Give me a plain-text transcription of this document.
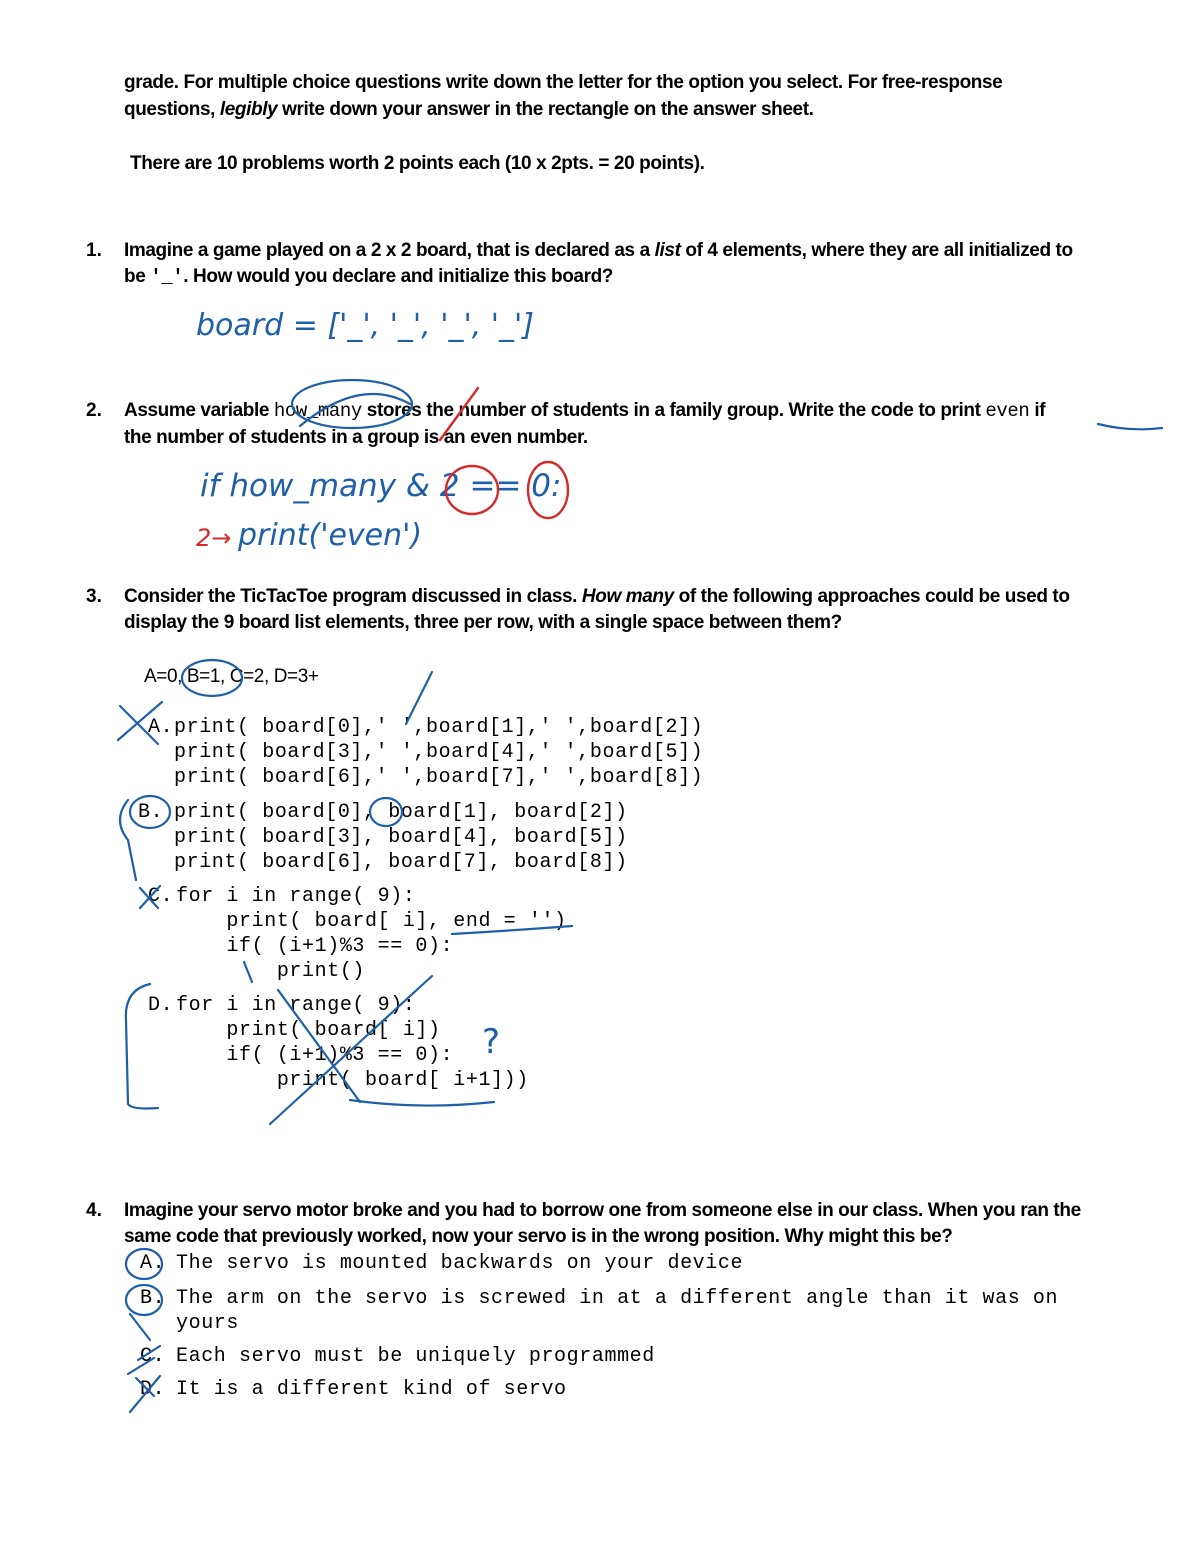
grade. For multiple choice questions write down the letter for the option you select. For free-response
questions, legibly write down your answer in the rectangle on the answer sheet.
There are 10 problems worth 2 points each (10 x 2pts. = 20 points).
1. Imagine a game played on a 2 x 2 board, that is declared as a list of 4 elements, where they are all initialized to
be '_'. How would you declare and initialize this board?
board = ['_', '_', '_', '_']
2. Assume variable how_many stores the number of students in a family group. Write the code to print even if
the number of students in a group is an even number.
if how_many & 2 == 0:
2→ print('even')
3. Consider the TicTacToe program discussed in class. How many of the following approaches could be used to
display the 9 board list elements, three per row, with a single space between them?
A=0, B=1, C=2, D=3+
A. print( board[0],' ',board[1],' ',board[2])
print( board[3],' ',board[4],' ',board[5])
print( board[6],' ',board[7],' ',board[8])
B. print( board[0], board[1], board[2])
print( board[3], board[4], board[5])
print( board[6], board[7], board[8])
C. for i in range( 9):
print( board[ i], end = '')
if( (i+1)%3 == 0):
print()
D. for i in range( 9):
print( board[ i])
if( (i+1)%3 == 0):
print( board[ i+1]))
?
4. Imagine your servo motor broke and you had to borrow one from someone else in our class. When you ran the
same code that previously worked, now your servo is in the wrong position. Why might this be?
A. The servo is mounted backwards on your device
B. The arm on the servo is screwed in at a different angle than it was on
yours
C. Each servo must be uniquely programmed
D. It is a different kind of servo
